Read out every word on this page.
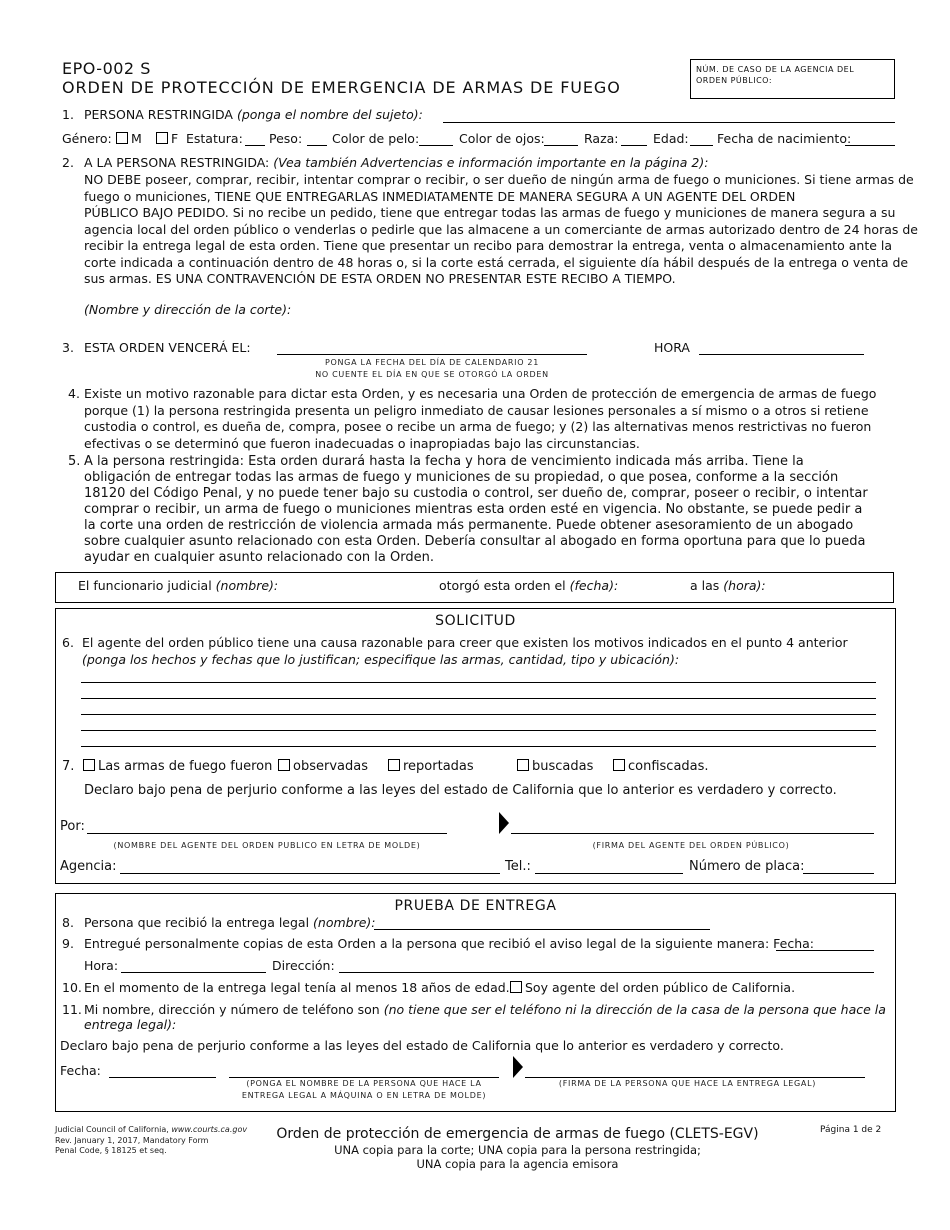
EPO-002 S
ORDEN DE PROTECCIÓN DE EMERGENCIA DE ARMAS DE FUEGO
NÚM. DE CASO DE LA AGENCIA DEL
ORDEN PÚBLICO:
1. PERSONA RESTRINGIDA (ponga el nombre del sujeto):
Género:	M	F Estatura: Peso: Color de pelo:	Color de ojos:	Raza:	Edad: Fecha de nacimiento:
2. A LA PERSONA RESTRINGIDA: (Vea también Advertencias e información importante en la página 2):
NO DEBE poseer, comprar, recibir, intentar comprar o recibir, o ser dueño de ningún arma de fuego o municiones. Si tiene armas de
fuego o municiones, TIENE QUE ENTREGARLAS INMEDIATAMENTE DE MANERA SEGURA A UN AGENTE DEL ORDEN
PÚBLICO BAJO PEDIDO. Si no recibe un pedido, tiene que entregar todas las armas de fuego y municiones de manera segura a su
agencia local del orden público o venderlas o pedirle que las almacene a un comerciante de armas autorizado dentro de 24 horas de
recibir la entrega legal de esta orden. Tiene que presentar un recibo para demostrar la entrega, venta o almacenamiento ante la
corte indicada a continuación dentro de 48 horas o, si la corte está cerrada, el siguiente día hábil después de la entrega o venta de
sus armas. ES UNA CONTRAVENCIÓN DE ESTA ORDEN NO PRESENTAR ESTE RECIBO A TIEMPO.
(Nombre y dirección de la corte):
3. ESTA ORDEN VENCERÁ EL:
PONGA LA FECHA DEL DÍA DE CALENDARIO 21
NO CUENTE EL DÍA EN QUE SE OTORGÓ LA ORDEN
HORA
4. Existe un motivo razonable para dictar esta Orden, y es necesaria una Orden de protección de emergencia de armas de fuego
porque (1) la persona restringida presenta un peligro inmediato de causar lesiones personales a sí mismo o a otros si retiene
custodia o control, es dueña de, compra, posee o recibe un arma de fuego; y (2) las alternativas menos restrictivas no fueron
efectivas o se determinó que fueron inadecuadas o inapropiadas bajo las circunstancias.
5. A la persona restringida: Esta orden durará hasta la fecha y hora de vencimiento indicada más arriba. Tiene la
obligación de entregar todas las armas de fuego y municiones de su propiedad, o que posea, conforme a la sección
18120 del Código Penal, y no puede tener bajo su custodia o control, ser dueño de, comprar, poseer o recibir, o intentar
comprar o recibir, un arma de fuego o municiones mientras esta orden esté en vigencia. No obstante, se puede pedir a
la corte una orden de restricción de violencia armada más permanente. Puede obtener asesoramiento de un abogado
sobre cualquier asunto relacionado con esta Orden. Debería consultar al abogado en forma oportuna para que lo pueda
ayudar en cualquier asunto relacionado con la Orden.
El funcionario judicial (nombre):	otorgó esta orden el (fecha):	a las (hora):
SOLICITUD
6. El agente del orden público tiene una causa razonable para creer que existen los motivos indicados en el punto 4 anterior
(ponga los hechos y fechas que lo justifican; especifique las armas, cantidad, tipo y ubicación):
7.	Las armas de fuego fueron	observadas	reportadas	buscadas	confiscadas.
Declaro bajo pena de perjurio conforme a las leyes del estado de California que lo anterior es verdadero y correcto.
Por:
(NOMBRE DEL AGENTE DEL ORDEN PUBLICO EN LETRA DE MOLDE)	(FIRMA DEL AGENTE DEL ORDEN PÚBLICO)
Agencia:	Tel.:	Número de placa:
PRUEBA DE ENTREGA
8. Persona que recibió la entrega legal (nombre):
9. Entregué personalmente copias de esta Orden a la persona que recibió el aviso legal de la siguiente manera: Fecha:
Hora:	Dirección:
10. En el momento de la entrega legal tenía al menos 18 años de edad.	Soy agente del orden público de California.
11. Mi nombre, dirección y número de teléfono son (no tiene que ser el teléfono ni la dirección de la casa de la persona que hace la
entrega legal):
Declaro bajo pena de perjurio conforme a las leyes del estado de California que lo anterior es verdadero y correcto.
Fecha:
(PONGA EL NOMBRE DE LA PERSONA QUE HACE LA
ENTREGA LEGAL A MÁQUINA O EN LETRA DE MOLDE)
(FIRMA DE LA PERSONA QUE HACE LA ENTREGA LEGAL)
Judicial Council of California, www.courts.ca.gov
Rev. January 1, 2017, Mandatory Form
Penal Code, § 18125 et seq.
Orden de protección de emergencia de armas de fuego (CLETS-EGV)
UNA copia para la corte; UNA copia para la persona restringida;
UNA copia para la agencia emisora
Página 1 de 2
